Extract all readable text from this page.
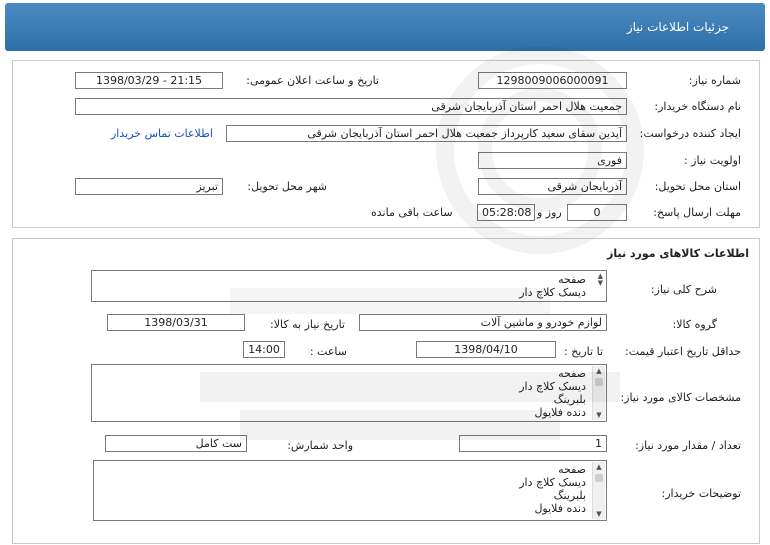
جزئیات اطلاعات نیاز
شماره نیاز:
1298009006000091
تاریخ و ساعت اعلان عمومی:
1398/03/29 - 21:15
نام دستگاه خریدار:
جمعیت هلال احمر استان آذربایجان شرقی
ایجاد کننده درخواست:
آیدین سقای سعید کارپرداز جمعیت هلال احمر استان آذربایجان شرقی
اطلاعات تماس خریدار
اولویت نیاز :
فوری
استان محل تحویل:
آذربایجان شرقی
شهر محل تحویل:
تبریز
مهلت ارسال پاسخ:
0
روز و
05:28:08
ساعت باقی مانده
اطلاعات کالاهای مورد نیاز
شرح کلی نیاز:
صفحه
دیسک کلاچ دار
▲
▼
گروه کالا:
لوازم خودرو و ماشین آلات
تاریخ نیاز به کالا:
1398/03/31
حداقل تاریخ اعتبار قیمت:
تا تاریخ :
1398/04/10
ساعت :
14:00
مشخصات کالای مورد نیاز:
صفحه
دیسک کلاچ دار
بلبرینگ
دنده فلایول
▲
▼
تعداد / مقدار مورد نیاز:
1
واحد شمارش:
ست کامل
توضیحات خریدار:
صفحه
دیسک کلاچ دار
بلبرینگ
دنده فلایول
▲
▼
